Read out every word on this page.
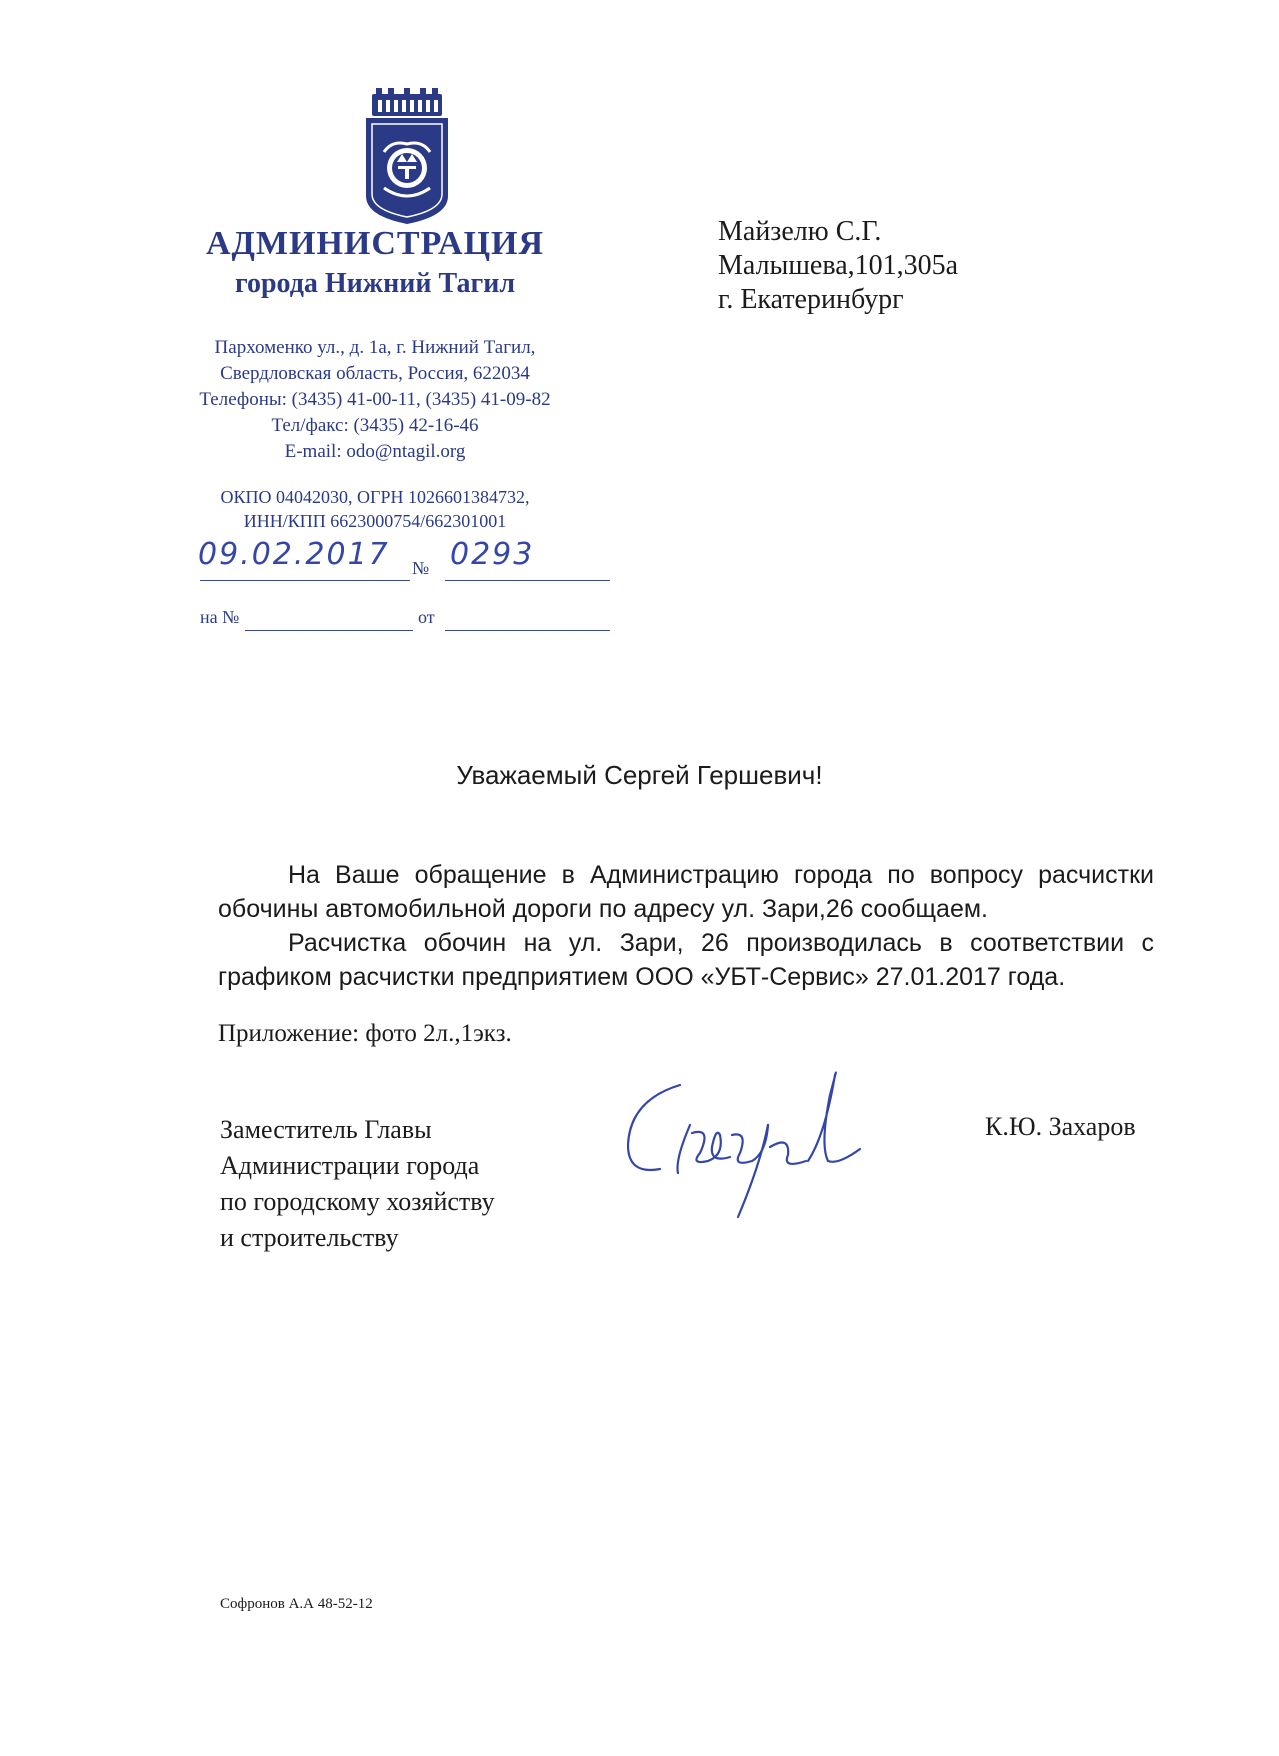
АДМИНИСТРАЦИЯ
города Нижний Тагил
Пархоменко ул., д. 1а, г. Нижний Тагил,
Свердловская область, Россия, 622034
Телефоны: (3435) 41-00-11, (3435) 41-09-82
Тел/факс: (3435) 42-16-46
E-mail: odo@ntagil.org
ОКПО 04042030, ОГРН 1026601384732,
ИНН/КПП 6623000754/662301001
09.02.2017 № 0293
на №	от
Майзелю С.Г.
Малышева,101,305а
г. Екатеринбург
Уважаемый Сергей Гершевич!
На Ваше обращение в Администрацию города по вопросу расчистки обочины автомобильной дороги по адресу ул. Зари,26 сообщаем.
Расчистка обочин на ул. Зари, 26 производилась в соответствии с графиком расчистки предприятием ООО «УБТ-Сервис» 27.01.2017 года.
Приложение: фото 2л.,1экз.
Заместитель Главы
Администрации города
по городскому хозяйству
и строительству
К.Ю. Захаров
Софронов А.А 48-52-12
